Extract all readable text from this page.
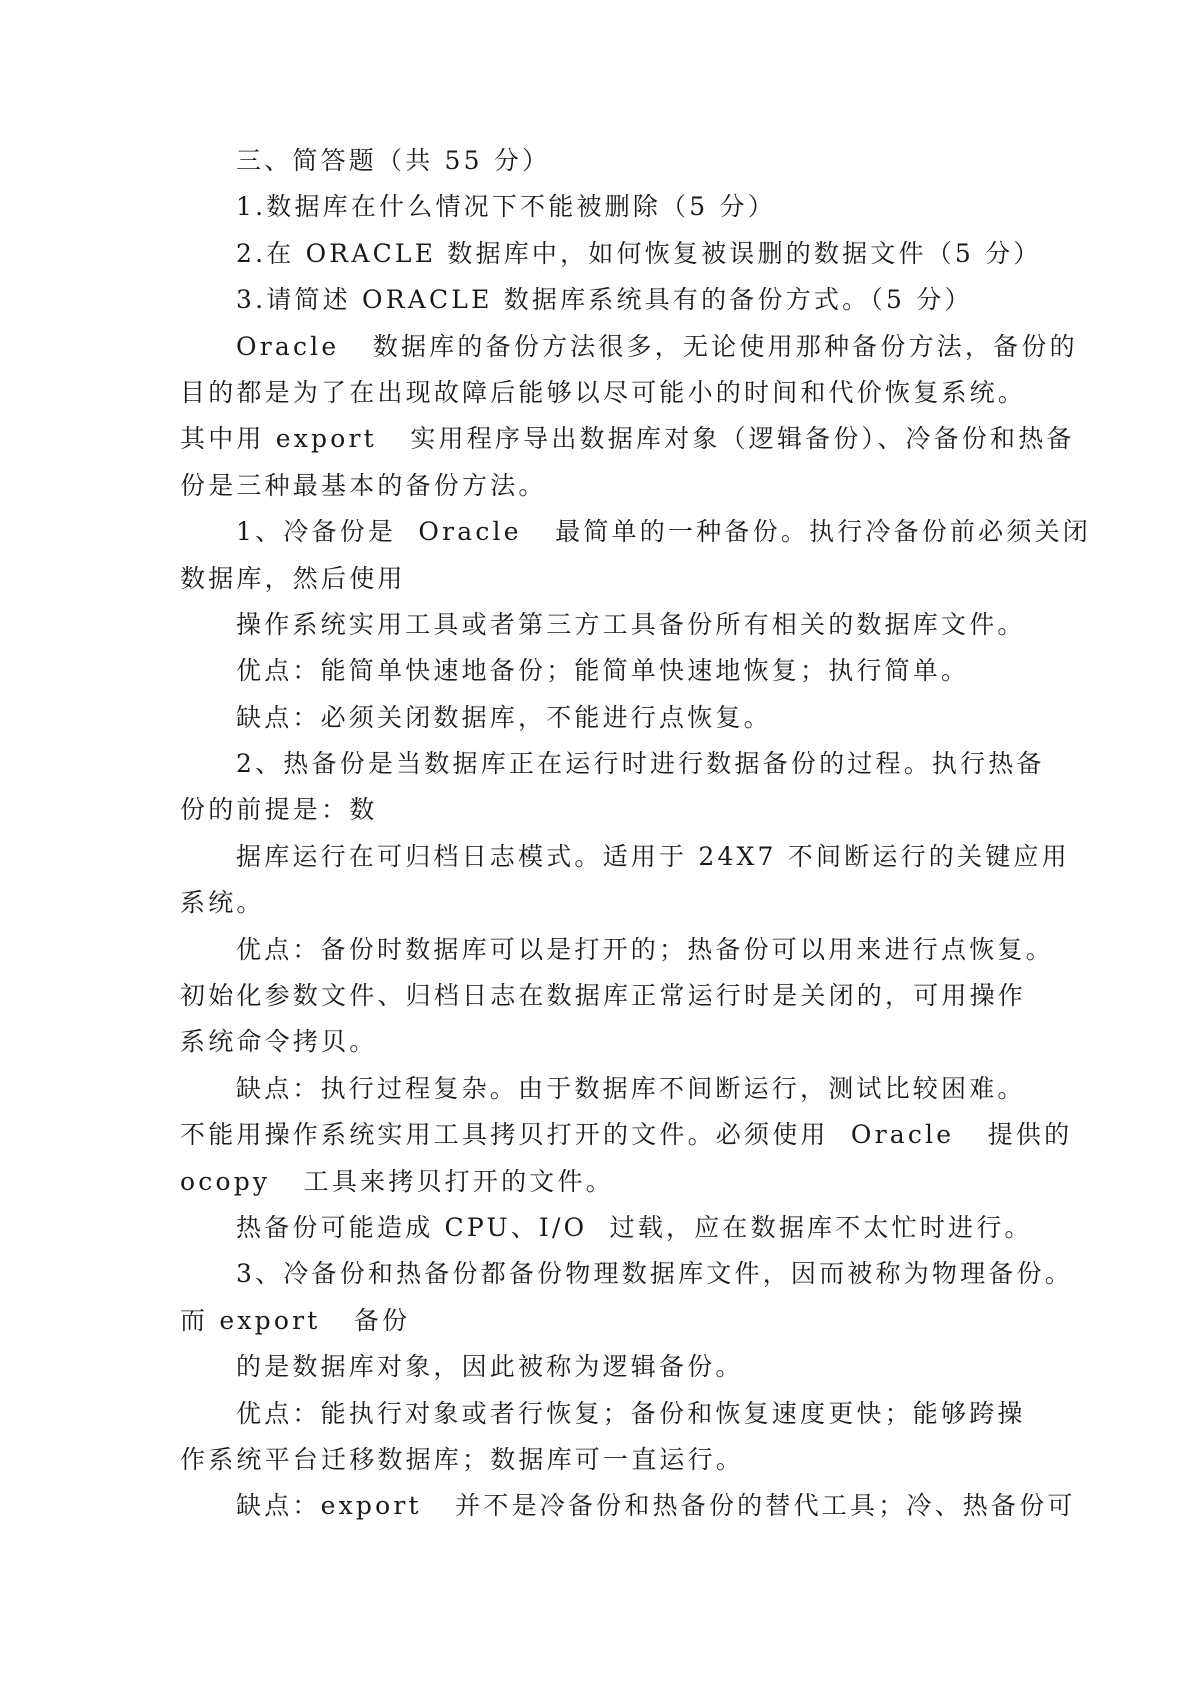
三、简答题（共 55 分）
1.数据库在什么情况下不能被删除（5 分）
2.在 ORACLE 数据库中，如何恢复被误删的数据文件（5 分）
3.请简述 ORACLE 数据库系统具有的备份方式。（5 分）
Oracle   数据库的备份方法很多，无论使用那种备份方法，备份的
目的都是为了在出现故障后能够以尽可能小的时间和代价恢复系统。
其中用 export   实用程序导出数据库对象（逻辑备份）、冷备份和热备
份是三种最基本的备份方法。
1、冷备份是  Oracle   最简单的一种备份。执行冷备份前必须关闭
数据库，然后使用
操作系统实用工具或者第三方工具备份所有相关的数据库文件。
优点：能简单快速地备份；能简单快速地恢复；执行简单。
缺点：必须关闭数据库，不能进行点恢复。
2、热备份是当数据库正在运行时进行数据备份的过程。执行热备
份的前提是：数
据库运行在可归档日志模式。适用于 24X7 不间断运行的关键应用
系统。
优点：备份时数据库可以是打开的；热备份可以用来进行点恢复。
初始化参数文件、归档日志在数据库正常运行时是关闭的，可用操作
系统命令拷贝。
缺点：执行过程复杂。由于数据库不间断运行，测试比较困难。
不能用操作系统实用工具拷贝打开的文件。必须使用  Oracle   提供的
ocopy   工具来拷贝打开的文件。
热备份可能造成 CPU、I/O  过载，应在数据库不太忙时进行。
3、冷备份和热备份都备份物理数据库文件，因而被称为物理备份。
而 export   备份
的是数据库对象，因此被称为逻辑备份。
优点：能执行对象或者行恢复；备份和恢复速度更快；能够跨操
作系统平台迁移数据库；数据库可一直运行。
缺点：export   并不是冷备份和热备份的替代工具；冷、热备份可
